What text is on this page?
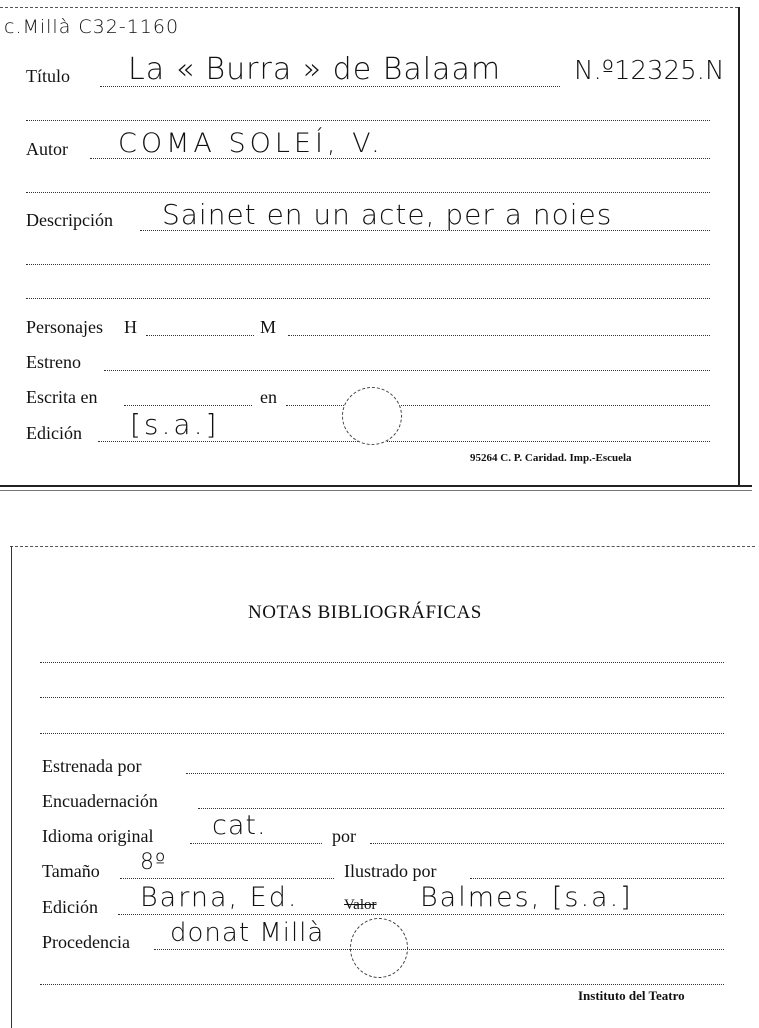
c.Millà C32-1160
Título La « Burra » de Balaam	N.º12325.N
Autor COMA SOLEÍ, V.
Descripción Sainet en un acte, per a noies
Personajes H	M
Estreno
Escrita en	en
Edición [s.a.]
95264 C. P. Caridad. Imp.-Escuela
NOTAS BIBLIOGRÁFICAS
Estrenada por
Encuadernación
Idioma original cat.	por
Tamaño 8º	Ilustrado por
Edición Barna, Ed.	Valor Balmes, [s.a.]
Procedencia donat Millà
Instituto del Teatro
